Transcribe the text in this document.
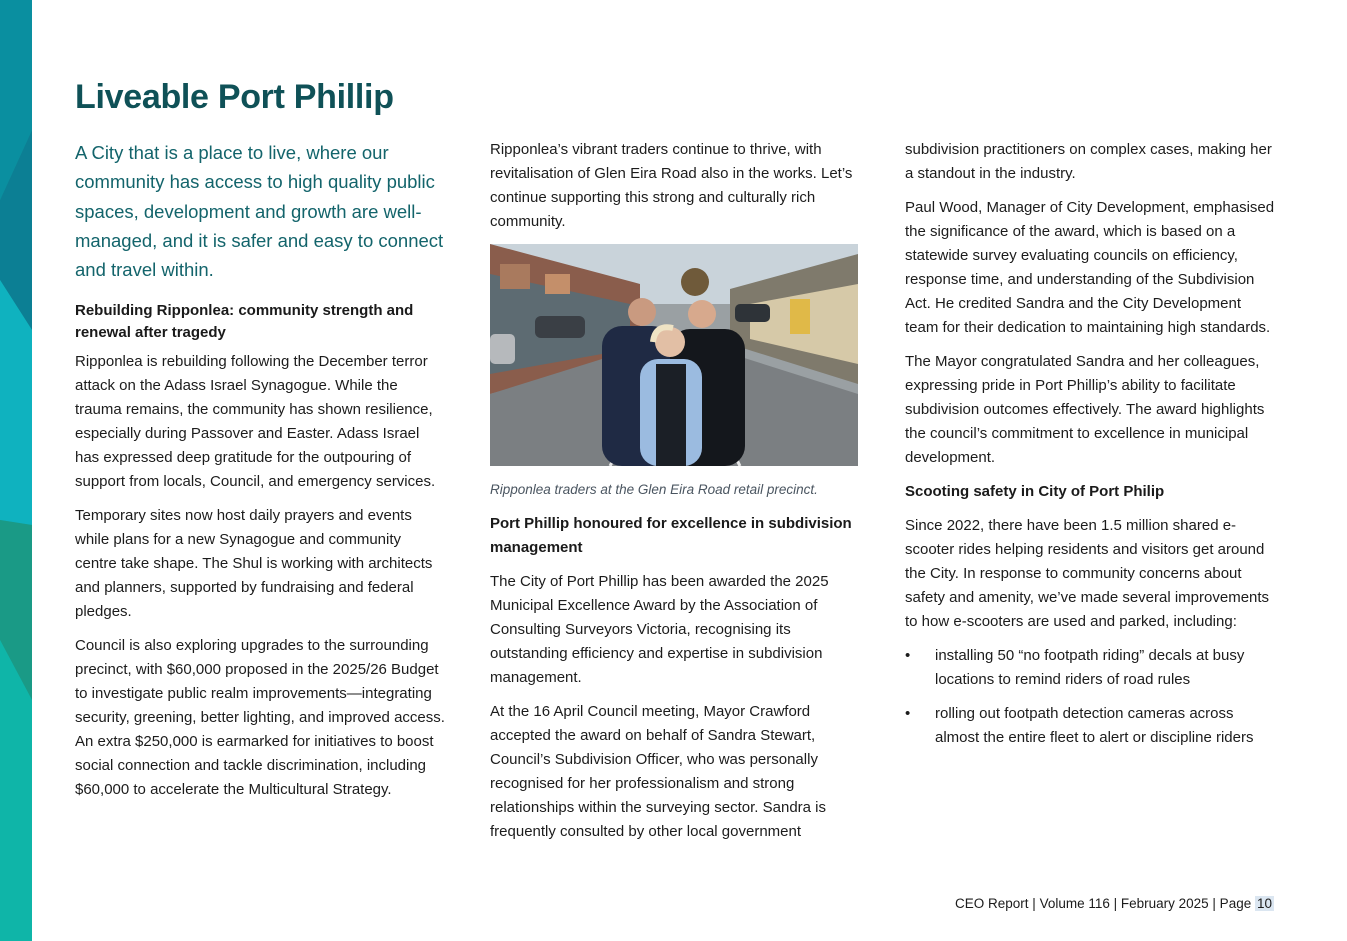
Liveable Port Phillip

A City that is a place to live, where our community has access to high quality public spaces, development and growth are well-managed, and it is safer and easy to connect and travel within.

Rebuilding Ripponlea: community strength and renewal after tragedy

Ripponlea is rebuilding following the December terror attack on the Adass Israel Synagogue. While the trauma remains, the community has shown resilience, especially during Passover and Easter. Adass Israel has expressed deep gratitude for the outpouring of support from locals, Council, and emergency services.

Temporary sites now host daily prayers and events while plans for a new Synagogue and community centre take shape. The Shul is working with architects and planners, supported by fundraising and federal pledges.

Council is also exploring upgrades to the surrounding precinct, with $60,000 proposed in the 2025/26 Budget to investigate public realm improvements—integrating security, greening, better lighting, and improved access. An extra $250,000 is earmarked for initiatives to boost social connection and tackle discrimination, including $60,000 to accelerate the Multicultural Strategy.

Ripponlea’s vibrant traders continue to thrive, with revitalisation of Glen Eira Road also in the works. Let’s continue supporting this strong and culturally rich community.

Ripponlea traders at the Glen Eira Road retail precinct.

Port Phillip honoured for excellence in subdivision management

The City of Port Phillip has been awarded the 2025 Municipal Excellence Award by the Association of Consulting Surveyors Victoria, recognising its outstanding efficiency and expertise in subdivision management.

At the 16 April Council meeting, Mayor Crawford accepted the award on behalf of Sandra Stewart, Council’s Subdivision Officer, who was personally recognised for her professionalism and strong relationships within the surveying sector. Sandra is frequently consulted by other local government

subdivision practitioners on complex cases, making her a standout in the industry.

Paul Wood, Manager of City Development, emphasised the significance of the award, which is based on a statewide survey evaluating councils on efficiency, response time, and understanding of the Subdivision Act. He credited Sandra and the City Development team for their dedication to maintaining high standards.

The Mayor congratulated Sandra and her colleagues, expressing pride in Port Phillip’s ability to facilitate subdivision outcomes effectively. The award highlights the council’s commitment to excellence in municipal development.

Scooting safety in City of Port Philip

Since 2022, there have been 1.5 million shared e-scooter rides helping residents and visitors get around the City. In response to community concerns about safety and amenity, we’ve made several improvements to how e-scooters are used and parked, including:

• installing 50 “no footpath riding” decals at busy locations to remind riders of road rules
• rolling out footpath detection cameras across almost the entire fleet to alert or discipline riders
CEO Report | Volume 116 | February 2025 | Page 10
